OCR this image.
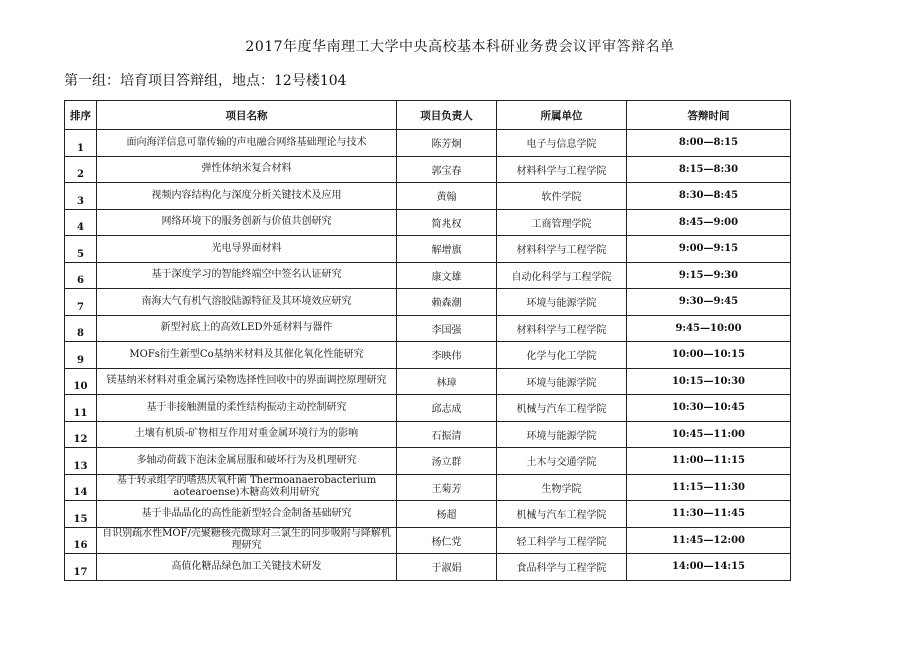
2017年度华南理工大学中央高校基本科研业务费会议评审答辩名单
第一组：培育项目答辩组，地点：12号楼104
排序	项目名称	项目负责人	所属单位	答辩时间
1	面向海洋信息可靠传输的声电融合网络基础理论与技术	陈芳炯	电子与信息学院	8:00—8:15
2	弹性体纳米复合材料	郭宝春	材料科学与工程学院	8:15—8:30
3	视频内容结构化与深度分析关键技术及应用	黄翰	软件学院	8:30—8:45
4	网络环境下的服务创新与价值共创研究	简兆权	工商管理学院	8:45—9:00
5	光电导界面材料	解增旗	材料科学与工程学院	9:00—9:15
6	基于深度学习的智能终端空中签名认证研究	康文雄	自动化科学与工程学院	9:15—9:30
7	南海大气有机气溶胶陆源特征及其环境效应研究	赖森潮	环境与能源学院	9:30—9:45
8	新型衬底上的高效LED外延材料与器件	李国强	材料科学与工程学院	9:45—10:00
9	MOFs衍生新型Co基纳米材料及其催化氧化性能研究	李映伟	化学与化工学院	10:00—10:15
10	镁基纳米材料对重金属污染物选择性回收中的界面调控原理研究	林璋	环境与能源学院	10:15—10:30
11	基于非接触测量的柔性结构振动主动控制研究	邱志成	机械与汽车工程学院	10:30—10:45
12	土壤有机质-矿物相互作用对重金属环境行为的影响	石振清	环境与能源学院	10:45—11:00
13	多轴动荷载下泡沫金属屈服和破坏行为及机理研究	汤立群	土木与交通学院	11:00—11:15
14	基于转录组学的嗜热厌氧杆菌 Thermoanaerobacterium aotearoense)木糖高效利用研究	王菊芳	生物学院	11:15—11:30
15	基于非晶晶化的高性能新型轻合金制备基础研究	杨超	机械与汽车工程学院	11:30—11:45
16	自识别疏水性MOF/壳聚糖核壳微球对三氯生的同步吸附与降解机理研究	杨仁党	轻工科学与工程学院	11:45—12:00
17	高值化糖品绿色加工关键技术研发	于淑娟	食品科学与工程学院	14:00—14:15
